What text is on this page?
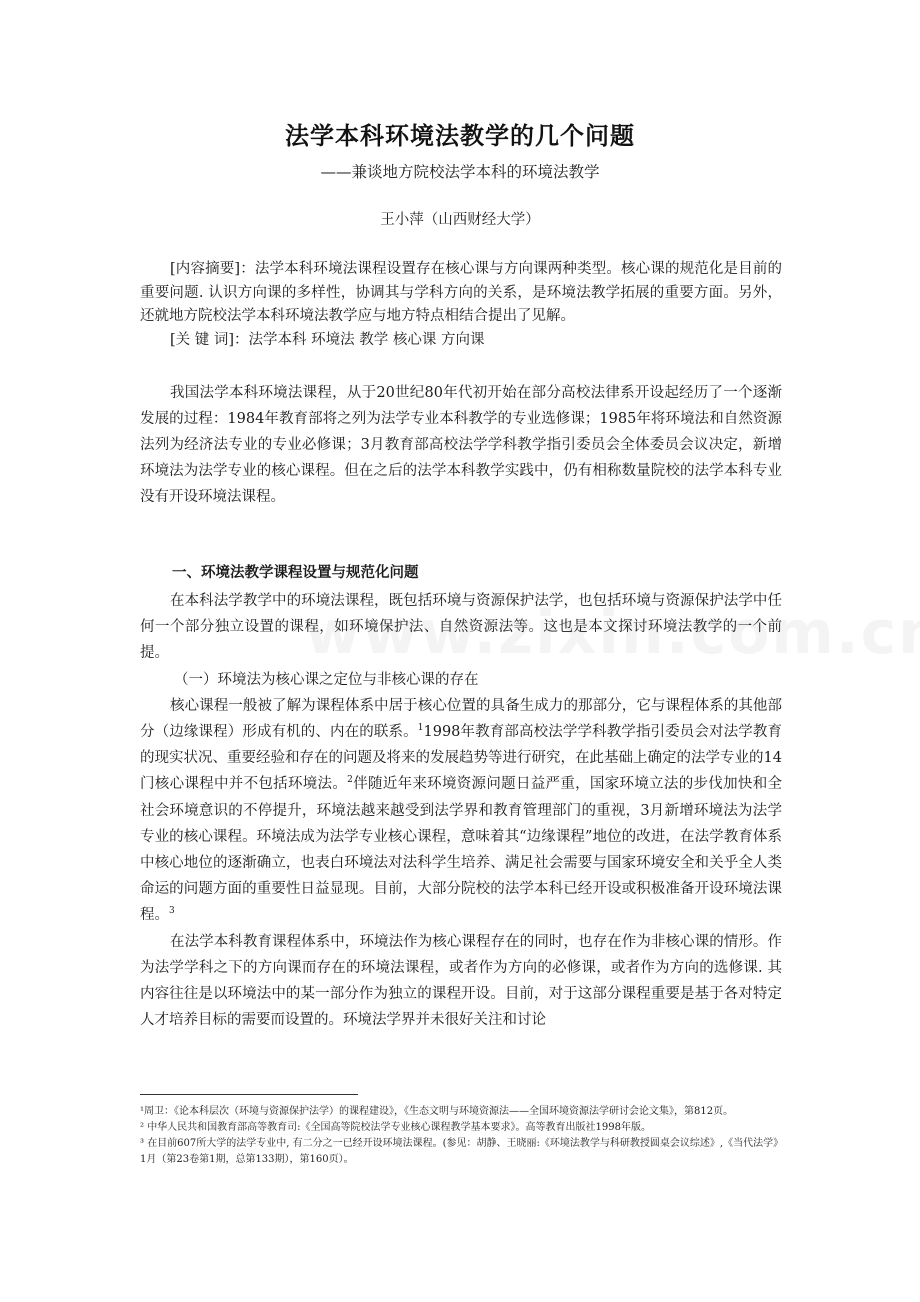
法学本科环境法教学的几个问题
——兼谈地方院校法学本科的环境法教学
王小萍（山西财经大学）

[内容摘要]：法学本科环境法课程设置存在核心课与方向课两种类型。核心课的规范化是目前的重要问题. 认识方向课的多样性，协调其与学科方向的关系，是环境法教学拓展的重要方面。另外，还就地方院校法学本科环境法教学应与地方特点相结合提出了见解。

[关 键 词]：法学本科 环境法 教学 核心课 方向课

我国法学本科环境法课程，从于20世纪80年代初开始在部分高校法律系开设起经历了一个逐渐发展的过程：1984年教育部将之列为法学专业本科教学的专业选修课；1985年将环境法和自然资源法列为经济法专业的专业必修课；3月教育部高校法学学科教学指引委员会全体委员会议决定，新增环境法为法学专业的核心课程。但在之后的法学本科教学实践中，仍有相称数量院校的法学本科专业没有开设环境法课程。

一、环境法教学课程设置与规范化问题

在本科法学教学中的环境法课程，既包括环境与资源保护法学，也包括环境与资源保护法学中任何一个部分独立设置的课程，如环境保护法、自然资源法等。这也是本文探讨环境法教学的一个前提。

（一）环境法为核心课之定位与非核心课的存在

核心课程一般被了解为课程体系中居于核心位置的具备生成力的那部分，它与课程体系的其他部分（边缘课程）形成有机的、内在的联系。$^1$1998年教育部高校法学学科教学指引委员会对法学教育的现实状况、重要经验和存在的问题及将来的发展趋势等进行研究，在此基础上确定的法学专业的14门核心课程中并不包括环境法。$^2$伴随近年来环境资源问题日益严重，国家环境立法的步伐加快和全社会环境意识的不停提升，环境法越来越受到法学界和教育管理部门的重视，3月新增环境法为法学专业的核心课程。环境法成为法学专业核心课程，意味着其“边缘课程”地位的改进，在法学教育体系中核心地位的逐渐确立，也表白环境法对法科学生培养、满足社会需要与国家环境安全和关乎全人类命运的问题方面的重要性日益显现。目前，大部分院校的法学本科已经开设或积极准备开设环境法课程。$^3$

在法学本科教育课程体系中，环境法作为核心课程存在的同时，也存在作为非核心课的情形。作为法学学科之下的方向课而存在的环境法课程，或者作为方向的必修课，或者作为方向的选修课. 其内容往往是以环境法中的某一部分作为独立的课程开设。目前，对于这部分课程重要是基于各对特定人才培养目标的需要而设置的。环境法学界并未很好关注和讨论

¹周卫：《论本科层次（环境与资源保护法学）的课程建设》，《生态文明与环境资源法——全国环境资源法学研讨会论文集》，第812页。

² 中华人民共和国教育部高等教育司:《全国高等院校法学专业核心课程教学基本要求》。高等教育出版社1998年版。

³ 在目前607所大学的法学专业中, 有二分之一已经开设环境法课程。(参见：胡静、王晓丽:《环境法教学与科研教授圆桌会议综述》,《当代法学》1月（第23卷第1期，总第133期），第160页）。
